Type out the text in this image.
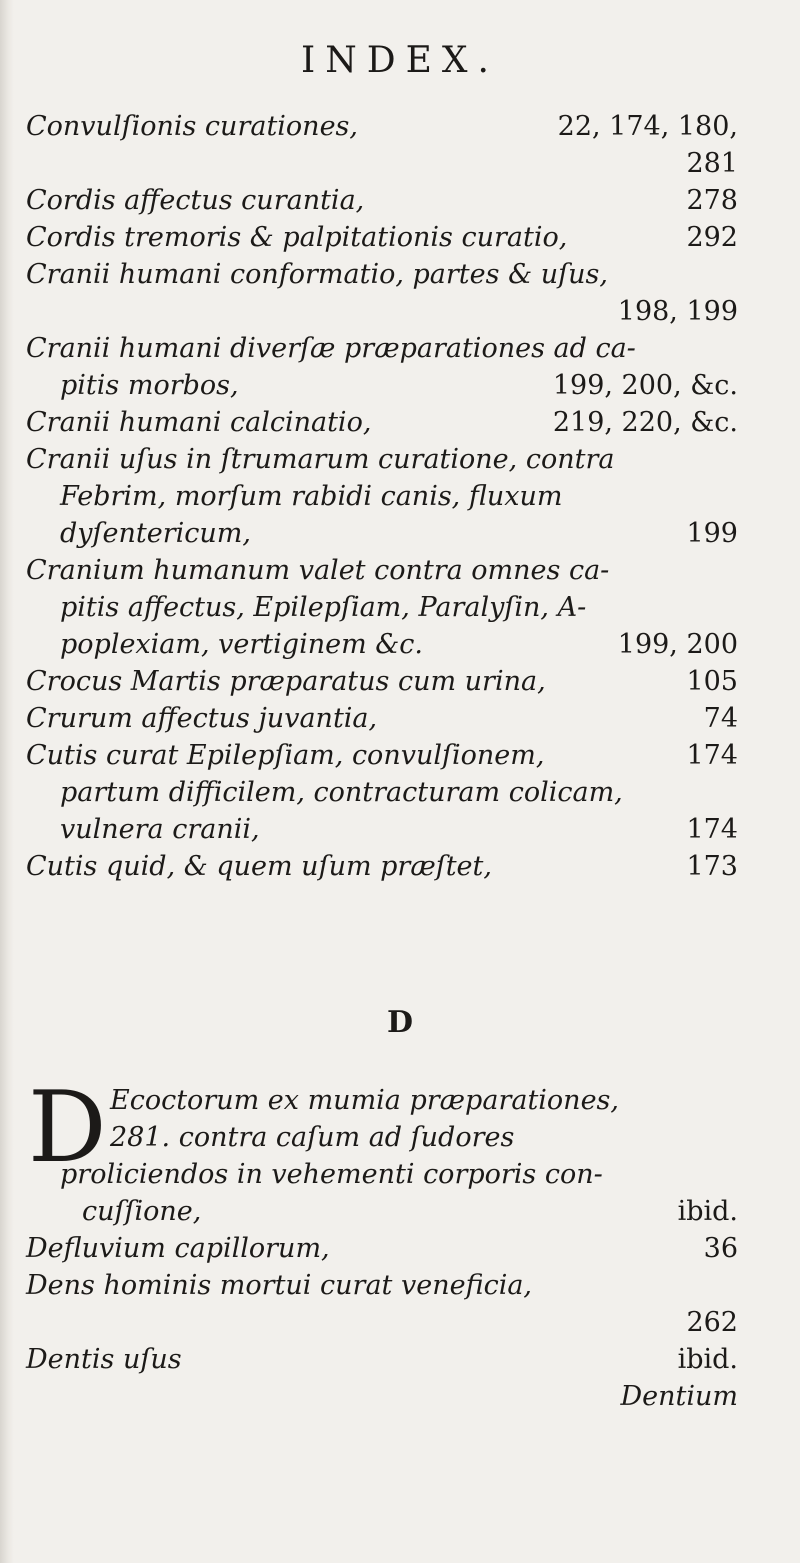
INDEX.
Convulſionis curationes,	22, 174, 180,
281
Cordis affectus curantia,	278
Cordis tremoris & palpitationis curatio,	292
Cranii humani conformatio, partes & uſus,
198, 199
Cranii humani diverſæ præparationes ad ca-
pitis morbos,	199, 200, &c.
Cranii humani calcinatio,	219, 220, &c.
Cranii uſus in ſtrumarum curatione, contra
Febrim, morſum rabidi canis, fluxum
dyſentericum,	199
Cranium humanum valet contra omnes ca-
pitis affectus, Epilepſiam, Paralyſin, A-
poplexiam, vertiginem &c.	199, 200
Crocus Martis præparatus cum urina,	105
Crurum affectus juvantia,	74
Cutis curat Epilepſiam, convulſionem,	174
partum difficilem, contracturam colicam,
vulnera cranii,	174
Cutis quid, & quem uſum præſtet,	173
D
D Ecoctorum ex mumia præparationes,
281. contra caſum ad ſudores
proliciendos in vehementi corporis con-
cuſſione,	ibid.
Defluvium capillorum,	36
Dens hominis mortui curat veneficia,
262
Dentis uſus	ibid.
Dentium
